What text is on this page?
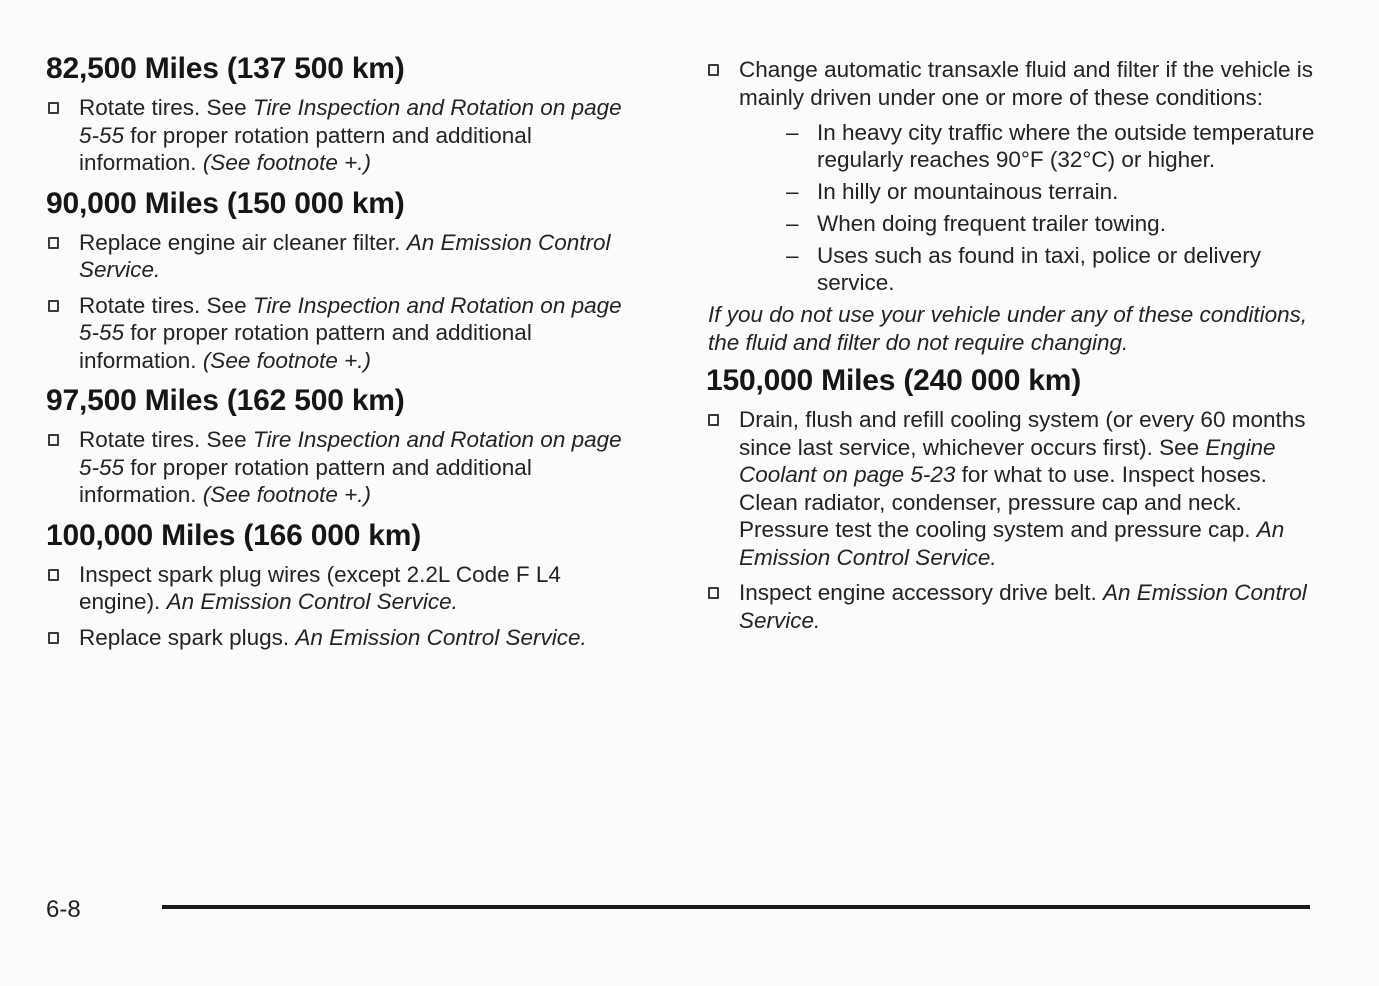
82,500 Miles (137 500 km)
Rotate tires. See Tire Inspection and Rotation on page 5-55 for proper rotation pattern and additional information. (See footnote +.)
90,000 Miles (150 000 km)
Replace engine air cleaner filter. An Emission Control Service.
Rotate tires. See Tire Inspection and Rotation on page 5-55 for proper rotation pattern and additional information. (See footnote +.)
97,500 Miles (162 500 km)
Rotate tires. See Tire Inspection and Rotation on page 5-55 for proper rotation pattern and additional information. (See footnote +.)
100,000 Miles (166 000 km)
Inspect spark plug wires (except 2.2L Code F L4 engine). An Emission Control Service.
Replace spark plugs. An Emission Control Service.
Change automatic transaxle fluid and filter if the vehicle is mainly driven under one or more of these conditions:
– In heavy city traffic where the outside temperature regularly reaches 90°F (32°C) or higher.
– In hilly or mountainous terrain.
– When doing frequent trailer towing.
– Uses such as found in taxi, police or delivery service.
If you do not use your vehicle under any of these conditions, the fluid and filter do not require changing.
150,000 Miles (240 000 km)
Drain, flush and refill cooling system (or every 60 months since last service, whichever occurs first). See Engine Coolant on page 5-23 for what to use. Inspect hoses. Clean radiator, condenser, pressure cap and neck. Pressure test the cooling system and pressure cap. An Emission Control Service.
Inspect engine accessory drive belt. An Emission Control Service.
6-8
